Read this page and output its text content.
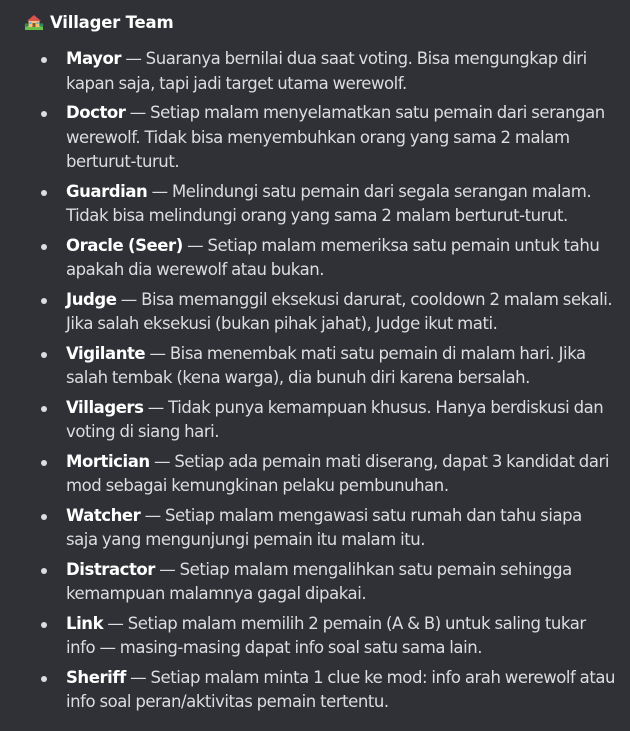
Villager Team
Mayor — Suaranya bernilai dua saat voting. Bisa mengungkap diri kapan saja, tapi jadi target utama werewolf.
Doctor — Setiap malam menyelamatkan satu pemain dari serangan werewolf. Tidak bisa menyembuhkan orang yang sama 2 malam berturut-turut.
Guardian — Melindungi satu pemain dari segala serangan malam. Tidak bisa melindungi orang yang sama 2 malam berturut-turut.
Oracle (Seer) — Setiap malam memeriksa satu pemain untuk tahu apakah dia werewolf atau bukan.
Judge — Bisa memanggil eksekusi darurat, cooldown 2 malam sekali. Jika salah eksekusi (bukan pihak jahat), Judge ikut mati.
Vigilante — Bisa menembak mati satu pemain di malam hari. Jika salah tembak (kena warga), dia bunuh diri karena bersalah.
Villagers — Tidak punya kemampuan khusus. Hanya berdiskusi dan voting di siang hari.
Mortician — Setiap ada pemain mati diserang, dapat 3 kandidat dari mod sebagai kemungkinan pelaku pembunuhan.
Watcher — Setiap malam mengawasi satu rumah dan tahu siapa saja yang mengunjungi pemain itu malam itu.
Distractor — Setiap malam mengalihkan satu pemain sehingga kemampuan malamnya gagal dipakai.
Link — Setiap malam memilih 2 pemain (A & B) untuk saling tukar info — masing-masing dapat info soal satu sama lain.
Sheriff — Setiap malam minta 1 clue ke mod: info arah werewolf atau info soal peran/aktivitas pemain tertentu.
